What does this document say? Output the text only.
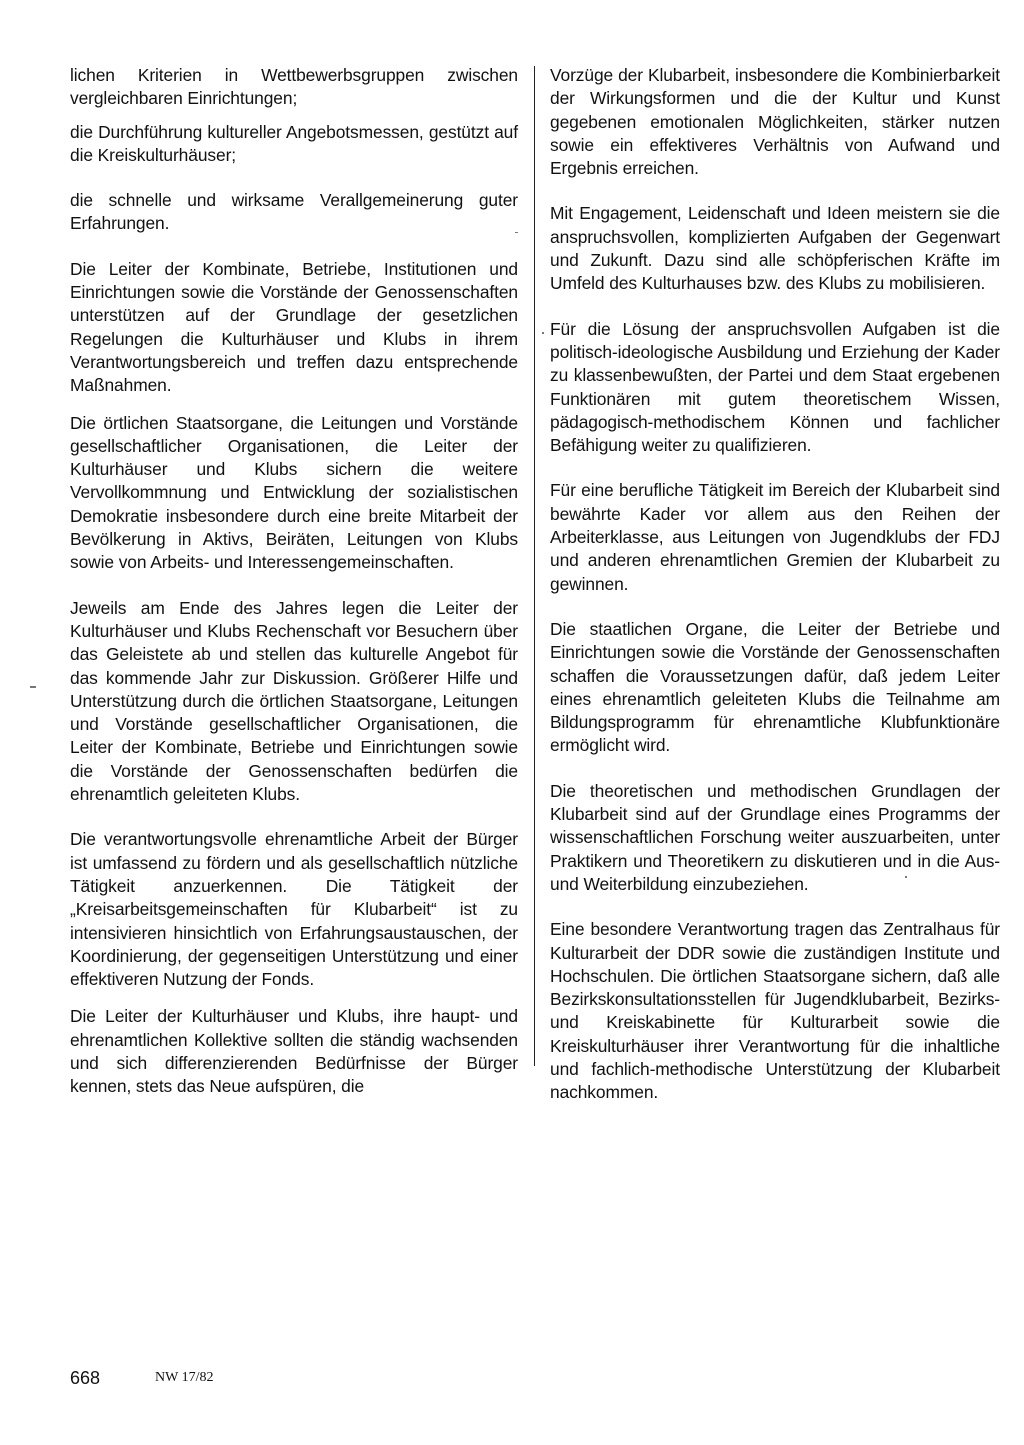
lichen Kriterien in Wettbewerbsgruppen zwischen vergleichbaren Einrichtungen;

die Durchführung kultureller Angebotsmessen, gestützt auf die Kreiskulturhäuser;

die schnelle und wirksame Verallgemeinerung guter Erfahrungen.

Die Leiter der Kombinate, Betriebe, Institutionen und Einrichtungen sowie die Vorstände der Genossenschaften unterstützen auf der Grundlage der gesetzlichen Regelungen die Kulturhäuser und Klubs in ihrem Verantwortungsbereich und treffen dazu entsprechende Maßnahmen.

Die örtlichen Staatsorgane, die Leitungen und Vorstände gesellschaftlicher Organisationen, die Leiter der Kulturhäuser und Klubs sichern die weitere Vervollkommnung und Entwicklung der sozialistischen Demokratie insbesondere durch eine breite Mitarbeit der Bevölkerung in Aktivs, Beiräten, Leitungen von Klubs sowie von Arbeits- und Interessengemeinschaften.

Jeweils am Ende des Jahres legen die Leiter der Kulturhäuser und Klubs Rechenschaft vor Besuchern über das Geleistete ab und stellen das kulturelle Angebot für das kommende Jahr zur Diskussion. Größerer Hilfe und Unterstützung durch die örtlichen Staatsorgane, Leitungen und Vorstände gesellschaftlicher Organisationen, die Leiter der Kombinate, Betriebe und Einrichtungen sowie die Vorstände der Genossenschaften bedürfen die ehrenamtlich geleiteten Klubs.

Die verantwortungsvolle ehrenamtliche Arbeit der Bürger ist umfassend zu fördern und als gesellschaftlich nützliche Tätigkeit anzuerkennen. Die Tätigkeit der „Kreisarbeitsgemeinschaften für Klubarbeit“ ist zu intensivieren hinsichtlich von Erfahrungsaustauschen, der Koordinierung, der gegenseitigen Unterstützung und einer effektiveren Nutzung der Fonds.

Die Leiter der Kulturhäuser und Klubs, ihre haupt- und ehrenamtlichen Kollektive sollten die ständig wachsenden und sich differenzierenden Bedürfnisse der Bürger kennen, stets das Neue aufspüren, die

Vorzüge der Klubarbeit, insbesondere die Kombinierbarkeit der Wirkungsformen und die der Kultur und Kunst gegebenen emotionalen Möglichkeiten, stärker nutzen sowie ein effektiveres Verhältnis von Aufwand und Ergebnis erreichen.

Mit Engagement, Leidenschaft und Ideen meistern sie die anspruchsvollen, komplizierten Aufgaben der Gegenwart und Zukunft. Dazu sind alle schöpferischen Kräfte im Umfeld des Kulturhauses bzw. des Klubs zu mobilisieren.

Für die Lösung der anspruchsvollen Aufgaben ist die politisch-ideologische Ausbildung und Erziehung der Kader zu klassenbewußten, der Partei und dem Staat ergebenen Funktionären mit gutem theoretischem Wissen, pädagogisch-methodischem Können und fachlicher Befähigung weiter zu qualifizieren.

Für eine berufliche Tätigkeit im Bereich der Klubarbeit sind bewährte Kader vor allem aus den Reihen der Arbeiterklasse, aus Leitungen von Jugendklubs der FDJ und anderen ehrenamtlichen Gremien der Klubarbeit zu gewinnen.

Die staatlichen Organe, die Leiter der Betriebe und Einrichtungen sowie die Vorstände der Genossenschaften schaffen die Voraussetzungen dafür, daß jedem Leiter eines ehrenamtlich geleiteten Klubs die Teilnahme am Bildungsprogramm für ehrenamtliche Klubfunktionäre ermöglicht wird.

Die theoretischen und methodischen Grundlagen der Klubarbeit sind auf der Grundlage eines Programms der wissenschaftlichen Forschung weiter auszuarbeiten, unter Praktikern und Theoretikern zu diskutieren und in die Aus- und Weiterbildung einzubeziehen.

Eine besondere Verantwortung tragen das Zentralhaus für Kulturarbeit der DDR sowie die zuständigen Institute und Hochschulen. Die örtlichen Staatsorgane sichern, daß alle Bezirkskonsultationsstellen für Jugendklubarbeit, Bezirks- und Kreiskabinette für Kulturarbeit sowie die Kreiskulturhäuser ihrer Verantwortung für die inhaltliche und fachlich-methodische Unterstützung der Klubarbeit nachkommen.

668	NW 17/82
